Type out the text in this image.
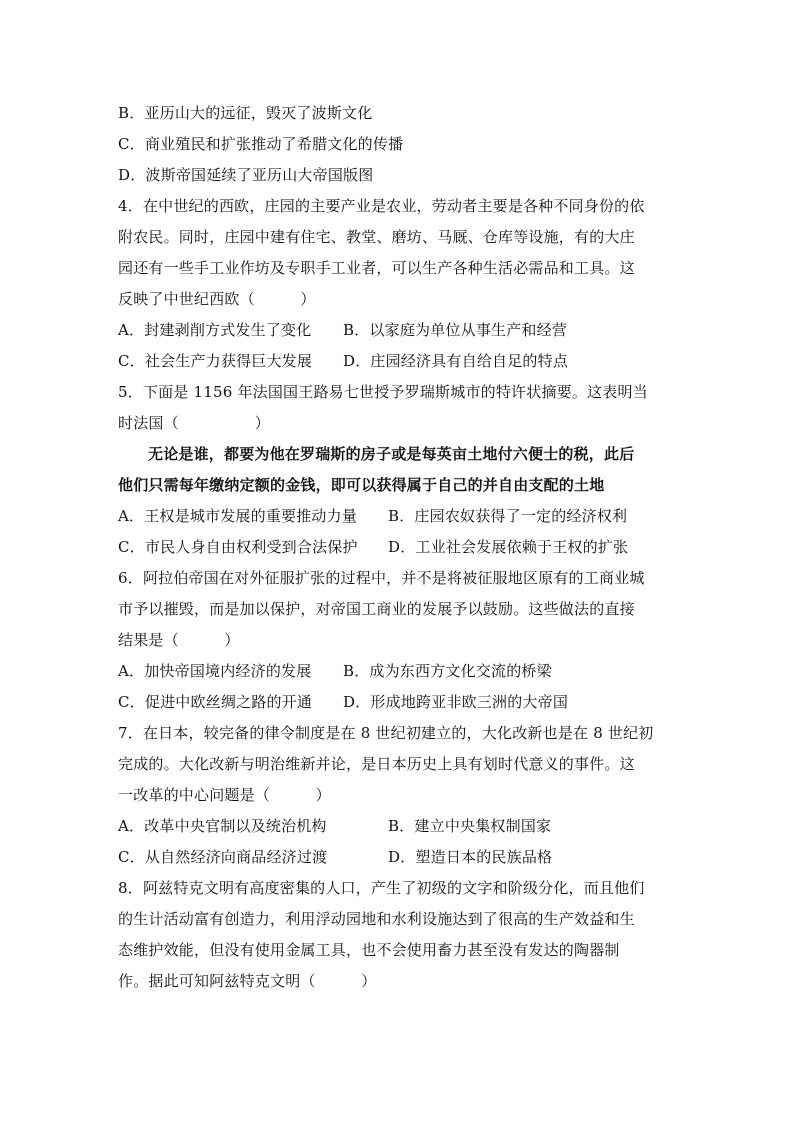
B．亚历山大的远征，毁灭了波斯文化
C．商业殖民和扩张推动了希腊文化的传播
D．波斯帝国延续了亚历山大帝国版图
4．在中世纪的西欧，庄园的主要产业是农业，劳动者主要是各种不同身份的依
附农民。同时，庄园中建有住宅、教堂、磨坊、马厩、仓库等设施，有的大庄
园还有一些手工业作坊及专职手工业者，可以生产各种生活必需品和工具。这
反映了中世纪西欧（　　　）
A．封建剥削方式发生了变化 B．以家庭为单位从事生产和经营
C．社会生产力获得巨大发展 D．庄园经济具有自给自足的特点
5．下面是 1156 年法国国王路易七世授予罗瑞斯城市的特许状摘要。这表明当
时法国（　　　　　）
无论是谁，都要为他在罗瑞斯的房子或是每英亩土地付六便士的税，此后
他们只需每年缴纳定额的金钱，即可以获得属于自己的并自由支配的土地
A．王权是城市发展的重要推动力量 B．庄园农奴获得了一定的经济权利
C．市民人身自由权利受到合法保护 D．工业社会发展依赖于王权的扩张
6．阿拉伯帝国在对外征服扩张的过程中，并不是将被征服地区原有的工商业城
市予以摧毁，而是加以保护，对帝国工商业的发展予以鼓励。这些做法的直接
结果是（　　　）
A．加快帝国境内经济的发展 B．成为东西方文化交流的桥梁
C．促进中欧丝绸之路的开通 D．形成地跨亚非欧三洲的大帝国
7．在日本，较完备的律令制度是在 8 世纪初建立的，大化改新也是在 8 世纪初
完成的。大化改新与明治维新并论，是日本历史上具有划时代意义的事件。这
一改革的中心问题是（　　　）
A．改革中央官制以及统治机构	B．建立中央集权制国家
C．从自然经济向商品经济过渡	D．塑造日本的民族品格
8．阿兹特克文明有高度密集的人口，产生了初级的文字和阶级分化，而且他们
的生计活动富有创造力，利用浮动园地和水利设施达到了很高的生产效益和生
态维护效能，但没有使用金属工具，也不会使用畜力甚至没有发达的陶器制
作。据此可知阿兹特克文明（　　　）
